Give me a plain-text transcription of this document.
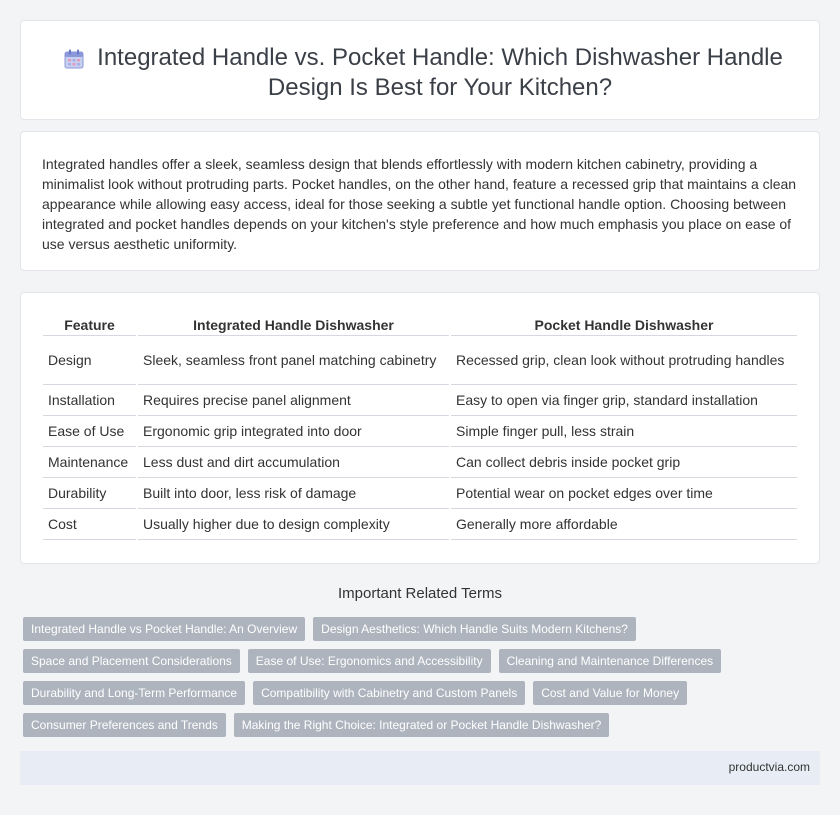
Integrated Handle vs. Pocket Handle: Which Dishwasher Handle Design Is Best for Your Kitchen?

Integrated handles offer a sleek, seamless design that blends effortlessly with modern kitchen cabinetry, providing a minimalist look without protruding parts. Pocket handles, on the other hand, feature a recessed grip that maintains a clean appearance while allowing easy access, ideal for those seeking a subtle yet functional handle option. Choosing between integrated and pocket handles depends on your kitchen's style preference and how much emphasis you place on ease of use versus aesthetic uniformity.

Feature	Integrated Handle Dishwasher	Pocket Handle Dishwasher
Design	Sleek, seamless front panel matching cabinetry	Recessed grip, clean look without protruding handles
Installation	Requires precise panel alignment	Easy to open via finger grip, standard installation
Ease of Use	Ergonomic grip integrated into door	Simple finger pull, less strain
Maintenance	Less dust and dirt accumulation	Can collect debris inside pocket grip
Durability	Built into door, less risk of damage	Potential wear on pocket edges over time
Cost	Usually higher due to design complexity	Generally more affordable
Important Related Terms
Integrated Handle vs Pocket Handle: An Overview	Design Aesthetics: Which Handle Suits Modern Kitchens?
Space and Placement Considerations	Ease of Use: Ergonomics and Accessibility	Cleaning and Maintenance Differences
Durability and Long-Term Performance	Compatibility with Cabinetry and Custom Panels	Cost and Value for Money
Consumer Preferences and Trends	Making the Right Choice: Integrated or Pocket Handle Dishwasher?
productvia.com
